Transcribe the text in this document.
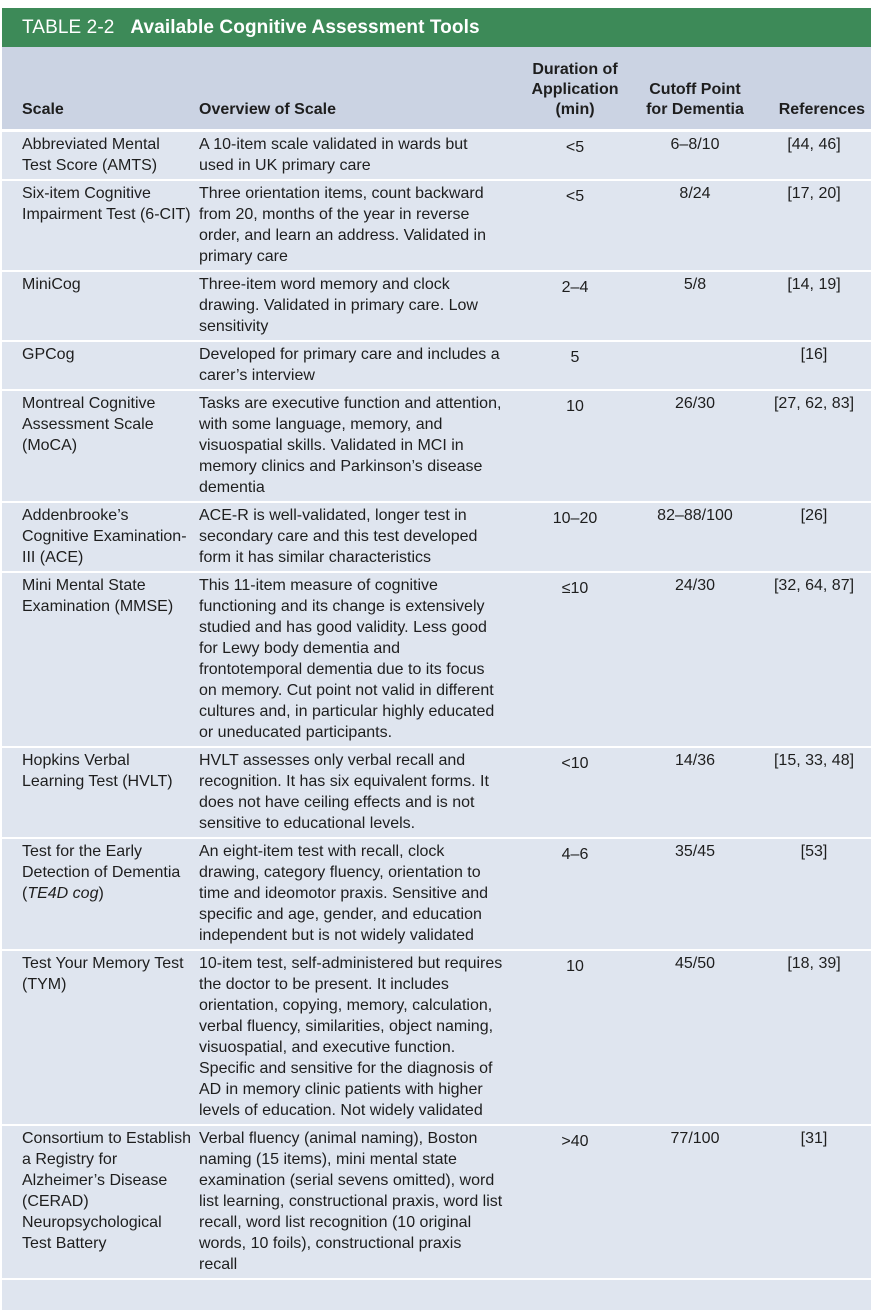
TABLE 2-2 Available Cognitive Assessment Tools
Scale	Overview of Scale	Duration of Application (min)	Cutoff Point for Dementia	References
Abbreviated Mental Test Score (AMTS)	A 10-item scale validated in wards but used in UK primary care	<5	6–8/10	[44, 46]
Six-item Cognitive Impairment Test (6-CIT)	Three orientation items, count backward from 20, months of the year in reverse order, and learn an address. Validated in primary care	<5	8/24	[17, 20]
MiniCog	Three-item word memory and clock drawing. Validated in primary care. Low sensitivity	2–4	5/8	[14, 19]
GPCog	Developed for primary care and includes a carer’s interview	5		[16]
Montreal Cognitive Assessment Scale (MoCA)	Tasks are executive function and attention, with some language, memory, and visuospatial skills. Validated in MCI in memory clinics and Parkinson’s disease dementia	10	26/30	[27, 62, 83]
Addenbrooke’s Cognitive Examination-III (ACE)	ACE-R is well-validated, longer test in secondary care and this test developed form it has similar characteristics	10–20	82–88/100	[26]
Mini Mental State Examination (MMSE)	This 11-item measure of cognitive functioning and its change is extensively studied and has good validity. Less good for Lewy body dementia and frontotemporal dementia due to its focus on memory. Cut point not valid in different cultures and, in particular highly educated or uneducated participants.	≤10	24/30	[32, 64, 87]
Hopkins Verbal Learning Test (HVLT)	HVLT assesses only verbal recall and recognition. It has six equivalent forms. It does not have ceiling effects and is not sensitive to educational levels.	<10	14/36	[15, 33, 48]
Test for the Early Detection of Dementia (TE4D cog)	An eight-item test with recall, clock drawing, category fluency, orientation to time and ideomotor praxis. Sensitive and specific and age, gender, and education independent but is not widely validated	4–6	35/45	[53]
Test Your Memory Test (TYM)	10-item test, self-administered but requires the doctor to be present. It includes orientation, copying, memory, calculation, verbal fluency, similarities, object naming, visuospatial, and executive function. Specific and sensitive for the diagnosis of AD in memory clinic patients with higher levels of education. Not widely validated	10	45/50	[18, 39]
Consortium to Establish a Registry for Alzheimer’s Disease (CERAD) Neuropsychological Test Battery	Verbal fluency (animal naming), Boston naming (15 items), mini mental state examination (serial sevens omitted), word list learning, constructional praxis, word list recall, word list recognition (10 original words, 10 foils), constructional praxis recall	>40	77/100	[31]
